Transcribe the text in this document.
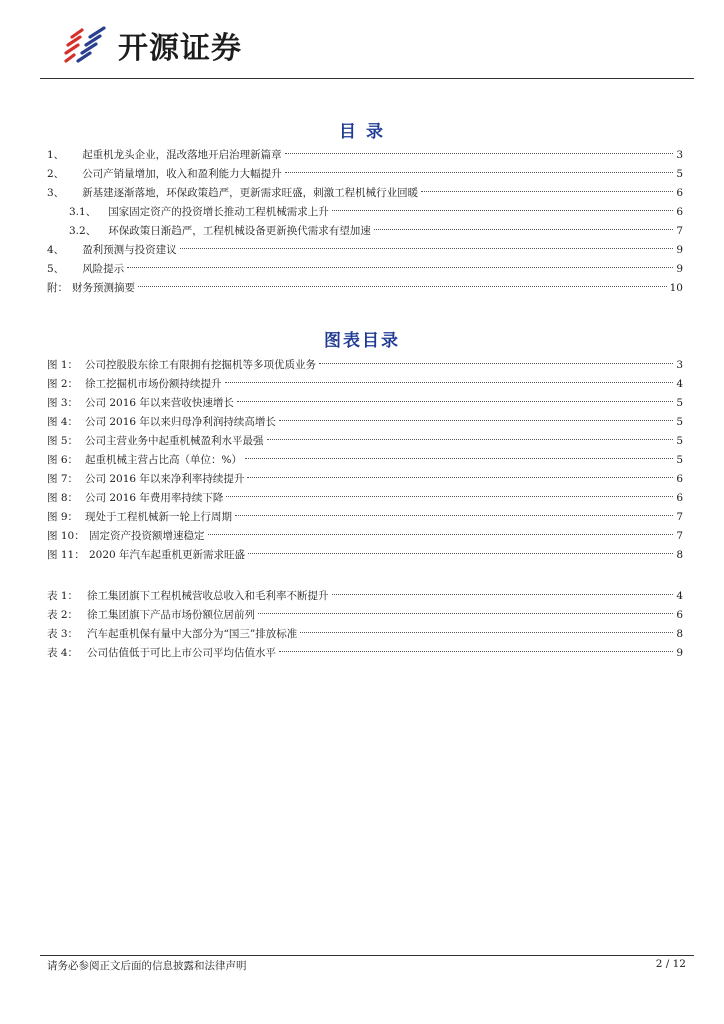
开源证券
目 录
1、 起重机龙头企业，混改落地开启治理新篇章	3
2、 公司产销量增加，收入和盈利能力大幅提升	5
3、 新基建逐渐落地，环保政策趋严，更新需求旺盛，刺激工程机械行业回暖	6
3.1、 国家固定资产的投资增长推动工程机械需求上升	6
3.2、 环保政策日渐趋严，工程机械设备更新换代需求有望加速	7
4、 盈利预测与投资建议	9
5、 风险提示	9
附： 财务预测摘要	10
图表目录
图 1： 公司控股股东徐工有限拥有挖掘机等多项优质业务	3
图 2： 徐工挖掘机市场份额持续提升	4
图 3： 公司 2016 年以来营收快速增长	5
图 4： 公司 2016 年以来归母净利润持续高增长	5
图 5： 公司主营业务中起重机械盈利水平最强	5
图 6： 起重机械主营占比高（单位：%）	5
图 7： 公司 2016 年以来净利率持续提升	6
图 8： 公司 2016 年费用率持续下降	6
图 9： 现处于工程机械新一轮上行周期	7
图 10： 固定资产投资额增速稳定	7
图 11： 2020 年汽车起重机更新需求旺盛	8
表 1： 徐工集团旗下工程机械营收总收入和毛利率不断提升	4
表 2： 徐工集团旗下产品市场份额位居前列	6
表 3： 汽车起重机保有量中大部分为“国三”排放标准	8
表 4： 公司估值低于可比上市公司平均估值水平	9
请务必参阅正文后面的信息披露和法律声明	2 / 12
